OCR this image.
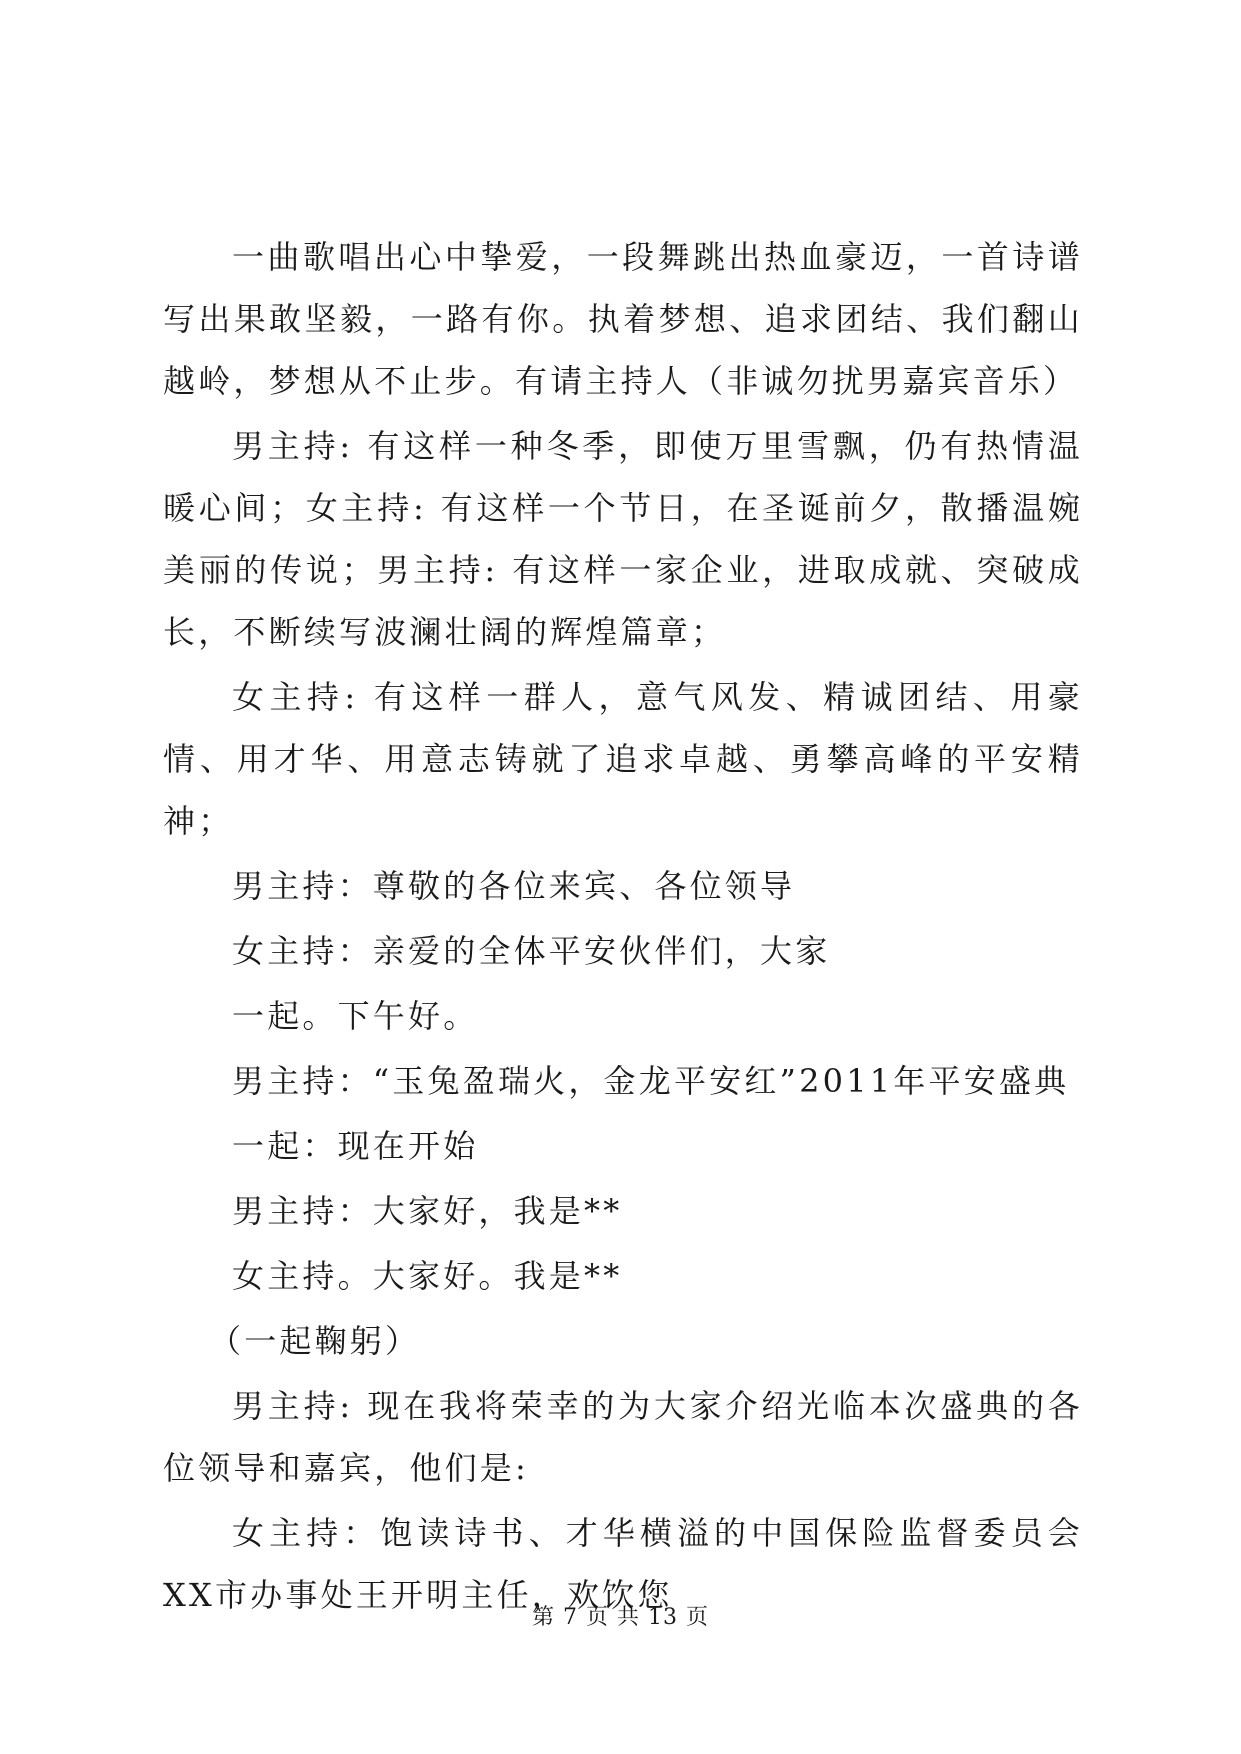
一曲歌唱出心中挚爱，一段舞跳出热血豪迈，一首诗谱写出果敢坚毅，一路有你。执着梦想、追求团结、我们翻山越岭，梦想从不止步。有请主持人（非诚勿扰男嘉宾音乐）

男主持: 有这样一种冬季，即使万里雪飘，仍有热情温暖心间；女主持: 有这样一个节日，在圣诞前夕，散播温婉美丽的传说；男主持: 有这样一家企业，进取成就、突破成长，不断续写波澜壮阔的辉煌篇章；

女主持: 有这样一群人，意气风发、精诚团结、用豪情、用才华、用意志铸就了追求卓越、勇攀高峰的平安精神；

男主持：尊敬的各位来宾、各位领导

女主持：亲爱的全体平安伙伴们，大家

一起。下午好。

男主持：“玉兔盈瑞火，金龙平安红”2011年平安盛典

一起：现在开始

男主持：大家好，我是**

女主持。大家好。我是**

（一起鞠躬）

男主持: 现在我将荣幸的为大家介绍光临本次盛典的各位领导和嘉宾，他们是:

女主持：饱读诗书、才华横溢的中国保险监督委员会XX市办事处王开明主任，欢饮您

第 7 页 共 13 页
